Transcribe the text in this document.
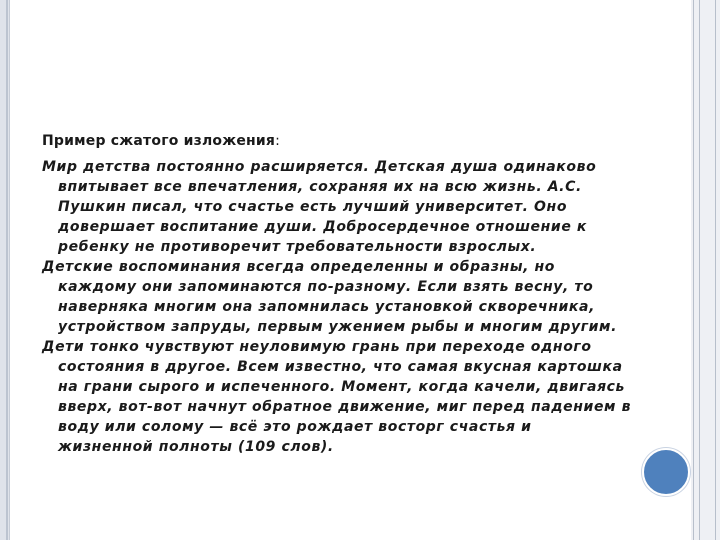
Пример сжатого изложения:

Мир детства постоянно расширяется. Детская душа одинаково впитывает все впечатления, сохраняя их на всю жизнь. А.С. Пушкин писал, что счастье есть лучший университет. Оно довершает воспитание души. Добросердечное отношение к ребенку не противоречит требовательности взрослых.

Детские воспоминания всегда определенны и образны, но каждому они запоминаются по-разному. Если взять весну, то наверняка многим она запомнилась установкой скворечника, устройством запруды, первым ужением рыбы и многим другим.

Дети тонко чувствуют неуловимую грань при переходе одного состояния в другое. Всем известно, что самая вкусная картошка на грани сырого и испеченного. Момент, когда качели, двигаясь вверх, вот-вот начнут обратное движение, миг перед падением в воду или солому — всё это рождает восторг счастья и жизненной полноты (109 слов).
